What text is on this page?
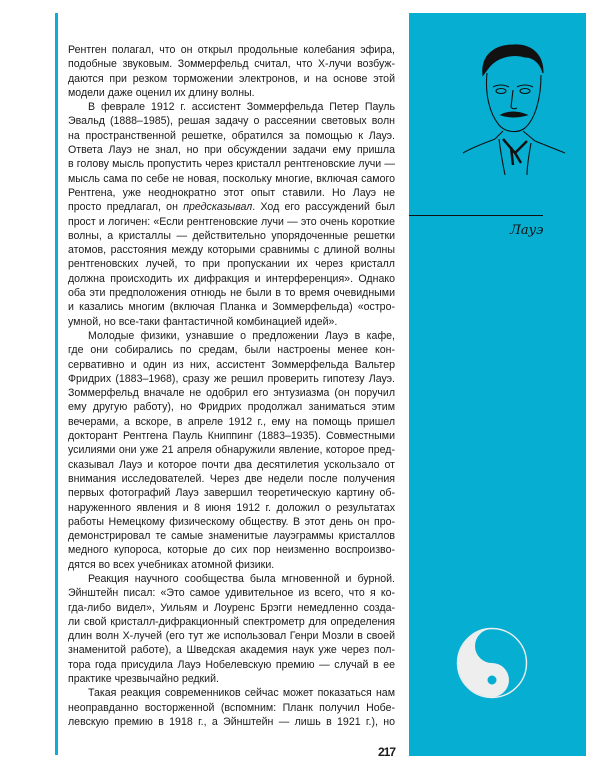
Лауэ
Рентген полагал, что он открыл продольные колебания эфира,
подобные звуковым. Зоммерфельд считал, что X-лучи возбуж-
даются при резком торможении электронов, и на основе этой
модели даже оценил их длину волны.
В феврале 1912 г. ассистент Зоммерфельда Петер Пауль
Эвальд (1888–1985), решая задачу о рассеянии световых волн
на пространственной решетке, обратился за помощью к Лауэ.
Ответа Лауэ не знал, но при обсуждении задачи ему пришла
в голову мысль пропустить через кристалл рентгеновские лучи —
мысль сама по себе не новая, поскольку многие, включая самого
Рентгена, уже неоднократно этот опыт ставили. Но Лауэ не
просто предлагал, он предсказывал. Ход его рассуждений был
прост и логичен: «Если рентгеновские лучи — это очень короткие
волны, а кристаллы — действительно упорядоченные решетки
атомов, расстояния между которыми сравнимы с длиной волны
рентгеновских лучей, то при пропускании их через кристалл
должна происходить их дифракция и интерференция». Однако
оба эти предположения отнюдь не были в то время очевидными
и казались многим (включая Планка и Зоммерфельда) «остро-
умной, но все-таки фантастичной комбинацией идей».
Молодые физики, узнавшие о предложении Лауэ в кафе,
где они собирались по средам, были настроены менее кон-
сервативно и один из них, ассистент Зоммерфельда Вальтер
Фридрих (1883–1968), сразу же решил проверить гипотезу Лауэ.
Зоммерфельд вначале не одобрил его энтузиазма (он поручил
ему другую работу), но Фридрих продолжал заниматься этим
вечерами, а вскоре, в апреле 1912 г., ему на помощь пришел
докторант Рентгена Пауль Книппинг (1883–1935). Совместными
усилиями они уже 21 апреля обнаружили явление, которое пред-
сказывал Лауэ и которое почти два десятилетия ускользало от
внимания исследователей. Через две недели после получения
первых фотографий Лауэ завершил теоретическую картину об-
наруженного явления и 8 июня 1912 г. доложил о результатах
работы Немецкому физическому обществу. В этот день он про-
демонстрировал те самые знаменитые лауэграммы кристаллов
медного купороса, которые до сих пор неизменно воспроизво-
дятся во всех учебниках атомной физики.
Реакция научного сообщества была мгновенной и бурной.
Эйнштейн писал: «Это самое удивительное из всего, что я ко-
гда-либо видел», Уильям и Лоуренс Брэгги немедленно созда-
ли свой кристалл-дифракционный спектрометр для определения
длин волн X-лучей (его тут же использовал Генри Мозли в своей
знаменитой работе), а Шведская академия наук уже через пол-
тора года присудила Лауэ Нобелевскую премию — случай в ее
практике чрезвычайно редкий.
Такая реакция современников сейчас может показаться нам
неоправданно восторженной (вспомним: Планк получил Нобе-
левскую премию в 1918 г., а Эйнштейн — лишь в 1921 г.), но
217
